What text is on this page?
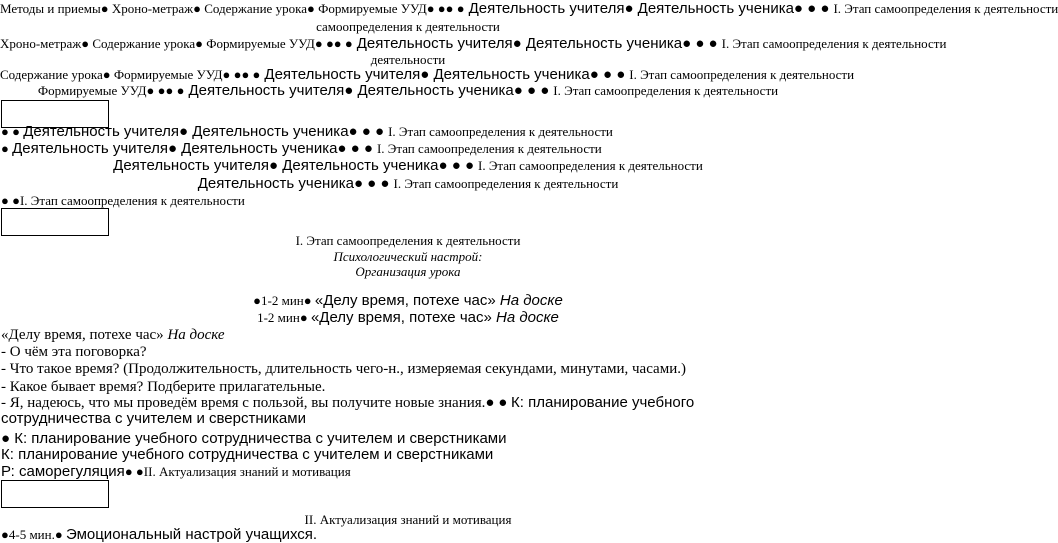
Методы и приемы● Хроно-метраж● Содержание урока● Формируемые УУД● ●● ● Деятельность учителя● Деятельность ученика● ● ● I. Этап самоопределения к деятельности
самоопределения к деятельности
Хроно-метраж● Содержание урока● Формируемые УУД● ●● ● Деятельность учителя● Деятельность ученика● ● ● I. Этап самоопределения к деятельности
деятельности
Содержание урока● Формируемые УУД● ●● ● Деятельность учителя● Деятельность ученика● ● ● I. Этап самоопределения к деятельности
Формируемые УУД● ●● ● Деятельность учителя● Деятельность ученика● ● ● I. Этап самоопределения к деятельности
● ● Деятельность учителя● Деятельность ученика● ● ● I. Этап самоопределения к деятельности
● Деятельность учителя● Деятельность ученика● ● ● I. Этап самоопределения к деятельности
Деятельность учителя● Деятельность ученика● ● ● I. Этап самоопределения к деятельности
Деятельность ученика● ● ● I. Этап самоопределения к деятельности
● ●I. Этап самоопределения к деятельности
I. Этап самоопределения к деятельности
Психологический настрой:
Организация урока
●1-2 мин● «Делу время, потехе час» На доске
1-2 мин● «Делу время, потехе час» На доске
«Делу время, потехе час» На доске
- О чём эта поговорка?
- Что такое время? (Продолжительность, длительность чего-н., измеряемая секундами, минутами, часами.)
- Какое бывает время? Подберите прилагательные.
- Я, надеюсь, что мы проведём время с пользой, вы получите новые знания.● ● К: планирование учебного сотрудничества с учителем и сверстниками
● К: планирование учебного сотрудничества с учителем и сверстниками
К: планирование учебного сотрудничества с учителем и сверстниками
Р: саморегуляция● ●II. Актуализация знаний и мотивация
II. Актуализация знаний и мотивация
●4-5 мин.● Эмоциональный настрой учащихся.
